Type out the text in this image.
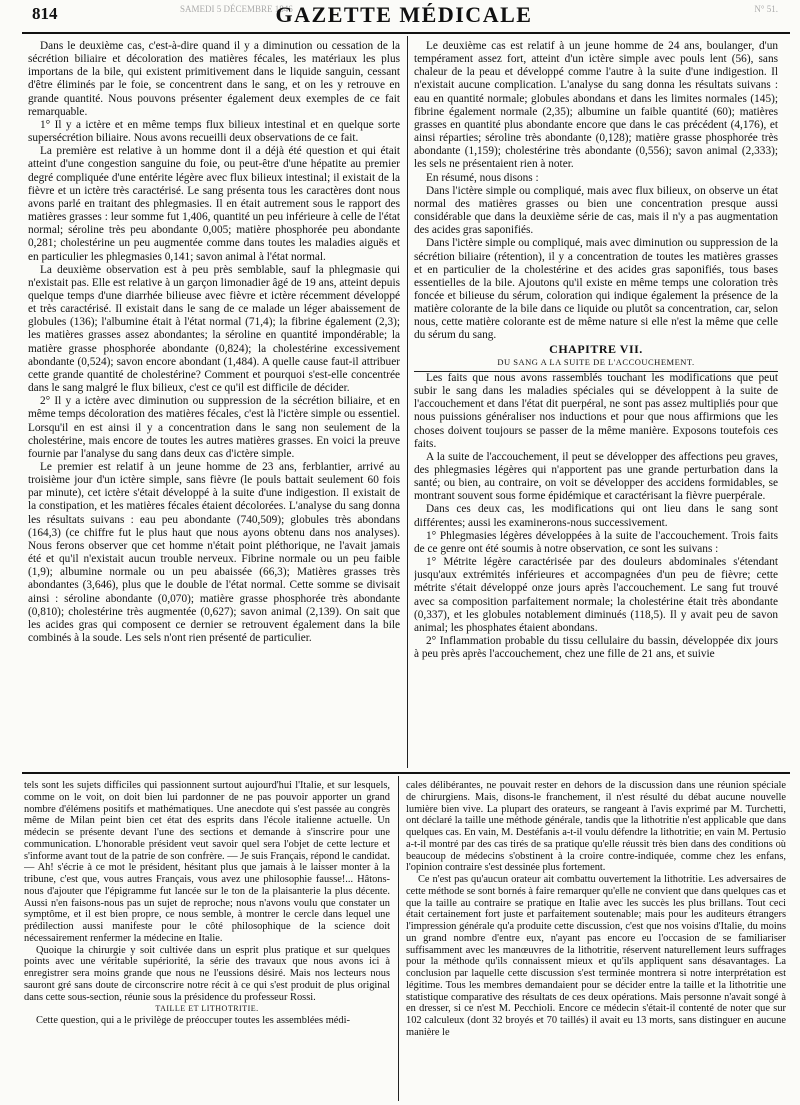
814	SAMEDI 5 DÉCEMBRE 1846
GAZETTE MÉDICALE	N° 51.

Dans le deuxième cas, c'est-à-dire quand il y a diminution ou cessation de la sécrétion biliaire et décoloration des matières fécales, les matériaux les plus importans de la bile, qui existent primitivement dans le liquide sanguin, cessant d'être éliminés par le foie, se concentrent dans le sang, et on les y retrouve en grande quantité. Nous pouvons présenter également deux exemples de ce fait remarquable.

1° Il y a ictère et en même temps flux bilieux intestinal et en quelque sorte supersécrétion biliaire. Nous avons recueilli deux observations de ce fait.

La première est relative à un homme dont il a déjà été question et qui était atteint d'une congestion sanguine du foie, ou peut-être d'une hépatite au premier degré compliquée d'une entérite légère avec flux bilieux intestinal; il existait de la fièvre et un ictère très caractérisé. Le sang présenta tous les caractères dont nous avons parlé en traitant des phlegmasies. Il en était autrement sous le rapport des matières grasses : leur somme fut 1,406, quantité un peu inférieure à celle de l'état normal; séroline très peu abondante 0,005; matière phosphorée peu abondante 0,281; cholestérine un peu augmentée comme dans toutes les maladies aiguës et en particulier les phlegmasies 0,141; savon animal à l'état normal.

La deuxième observation est à peu près semblable, sauf la phlegmasie qui n'existait pas. Elle est relative à un garçon limonadier âgé de 19 ans, atteint depuis quelque temps d'une diarrhée bilieuse avec fièvre et ictère récemment développé et très caractérisé. Il existait dans le sang de ce malade un léger abaissement de globules (136); l'albumine était à l'état normal (71,4); la fibrine également (2,3); les matières grasses assez abondantes; la séroline en quantité impondérable; la matière grasse phosphorée abondante (0,824); la cholestérine excessivement abondante (0,524); savon encore abondant (1,484). A quelle cause faut-il attribuer cette grande quantité de cholestérine? Comment et pourquoi s'est-elle concentrée dans le sang malgré le flux bilieux, c'est ce qu'il est difficile de décider.

2° Il y a ictère avec diminution ou suppression de la sécrétion biliaire, et en même temps décoloration des matières fécales, c'est là l'ictère simple ou essentiel. Lorsqu'il en est ainsi il y a concentration dans le sang non seulement de la cholestérine, mais encore de toutes les autres matières grasses. En voici la preuve fournie par l'analyse du sang dans deux cas d'ictère simple.

Le premier est relatif à un jeune homme de 23 ans, ferblantier, arrivé au troisième jour d'un ictère simple, sans fièvre (le pouls battait seulement 60 fois par minute), cet ictère s'était développé à la suite d'une indigestion. Il existait de la constipation, et les matières fécales étaient décolorées. L'analyse du sang donna les résultats suivans : eau peu abondante (740,509); globules très abondans (164,3) (ce chiffre fut le plus haut que nous ayons obtenu dans nos analyses). Nous ferons observer que cet homme n'était point pléthorique, ne l'avait jamais été et qu'il n'existait aucun trouble nerveux. Fibrine normale ou un peu faible (1,9); albumine normale ou un peu abaissée (66,3); Matières grasses très abondantes (3,646), plus que le double de l'état normal. Cette somme se divisait ainsi : séroline abondante (0,070); matière grasse phosphorée très abondante (0,810); cholestérine très augmentée (0,627); savon animal (2,139). On sait que les acides gras qui composent ce dernier se retrouvent également dans la bile combinés à la soude. Les sels n'ont rien présenté de particulier.

Le deuxième cas est relatif à un jeune homme de 24 ans, boulanger, d'un tempérament assez fort, atteint d'un ictère simple avec pouls lent (56), sans chaleur de la peau et développé comme l'autre à la suite d'une indigestion. Il n'existait aucune complication. L'analyse du sang donna les résultats suivans : eau en quantité normale; globules abondans et dans les limites normales (145); fibrine également normale (2,35); albumine un faible quantité (60); matières grasses en quantité plus abondante encore que dans le cas précédent (4,176), et ainsi réparties; séroline très abondante (0,128); matière grasse phosphorée très abondante (1,159); cholestérine très abondante (0,556); savon animal (2,333); les sels ne présentaient rien à noter.

En résumé, nous disons :

Dans l'ictère simple ou compliqué, mais avec flux bilieux, on observe un état normal des matières grasses ou bien une concentration presque aussi considérable que dans la deuxième série de cas, mais il n'y a pas augmentation des acides gras saponifiés.

Dans l'ictère simple ou compliqué, mais avec diminution ou suppression de la sécrétion biliaire (rétention), il y a concentration de toutes les matières grasses et en particulier de la cholestérine et des acides gras saponifiés, tous bases essentielles de la bile. Ajoutons qu'il existe en même temps une coloration très foncée et bilieuse du sérum, coloration qui indique également la présence de la matière colorante de la bile dans ce liquide ou plutôt sa concentration, car, selon nous, cette matière colorante est de même nature si elle n'est la même que celle du sérum du sang.

CHAPITRE VII.

DU SANG A LA SUITE DE L'ACCOUCHEMENT.

Les faits que nous avons rassemblés touchant les modifications que peut subir le sang dans les maladies spéciales qui se développent à la suite de l'accouchement et dans l'état dit puerpéral, ne sont pas assez multipliés pour que nous puissions généraliser nos inductions et pour que nous affirmions que les choses doivent toujours se passer de la même manière. Exposons toutefois ces faits.

A la suite de l'accouchement, il peut se développer des affections peu graves, des phlegmasies légères qui n'apportent pas une grande perturbation dans la santé; ou bien, au contraire, on voit se développer des accidens formidables, se montrant souvent sous forme épidémique et caractérisant la fièvre puerpérale.

Dans ces deux cas, les modifications qui ont lieu dans le sang sont différentes; aussi les examinerons-nous successivement.

1° Phlegmasies légères développées à la suite de l'accouchement. Trois faits de ce genre ont été soumis à notre observation, ce sont les suivans :

1° Métrite légère caractérisée par des douleurs abdominales s'étendant jusqu'aux extrémités inférieures et accompagnées d'un peu de fièvre; cette métrite s'était développé onze jours après l'accouchement. Le sang fut trouvé avec sa composition parfaitement normale; la cholestérine était très abondante (0,337), et les globules notablement diminués (118,5). Il y avait peu de savon animal; les phosphates étaient abondans.

2° Inflammation probable du tissu cellulaire du bassin, développée dix jours à peu près après l'accouchement, chez une fille de 21 ans, et suivie

tels sont les sujets difficiles qui passionnent surtout aujourd'hui l'Italie, et sur lesquels, comme on le voit, on doit bien lui pardonner de ne pas pouvoir apporter un grand nombre d'élémens positifs et mathématiques. Une anecdote qui s'est passée au congrès même de Milan peint bien cet état des esprits dans l'école italienne actuelle. Un médecin se présente devant l'une des sections et demande à s'inscrire pour une communication. L'honorable président veut savoir quel sera l'objet de cette lecture et s'informe avant tout de la patrie de son confrère. — Je suis Français, répond le candidat. — Ah! s'écrie à ce mot le président, hésitant plus que jamais à le laisser monter à la tribune, c'est que, vous autres Français, vous avez une philosophie fausse!... Hâtons-nous d'ajouter que l'épigramme fut lancée sur le ton de la plaisanterie la plus décente. Aussi n'en faisons-nous pas un sujet de reproche; nous n'avons voulu que constater un symptôme, et il est bien propre, ce nous semble, à montrer le cercle dans lequel une prédilection aussi manifeste pour le côté philosophique de la science doit nécessairement renfermer la médecine en Italie.

Quoique la chirurgie y soit cultivée dans un esprit plus pratique et sur quelques points avec une véritable supériorité, la série des travaux que nous avons ici à enregistrer sera moins grande que nous ne l'eussions désiré. Mais nos lecteurs nous sauront gré sans doute de circonscrire notre récit à ce qui s'est produit de plus original dans cette sous-section, réunie sous la présidence du professeur Rossi.

TAILLE ET LITHOTRITIE.

Cette question, qui a le privilège de préoccuper toutes les assemblées médi-

cales délibérantes, ne pouvait rester en dehors de la discussion dans une réunion spéciale de chirurgiens. Mais, disons-le franchement, il n'est résulté du débat aucune nouvelle lumière bien vive. La plupart des orateurs, se rangeant à l'avis exprimé par M. Turchetti, ont déclaré la taille une méthode générale, tandis que la lithotritie n'est applicable que dans quelques cas. En vain, M. Destéfanis a-t-il voulu défendre la lithotritie; en vain M. Pertusio a-t-il montré par des cas tirés de sa pratique qu'elle réussit très bien dans des conditions où beaucoup de médecins s'obstinent à la croire contre-indiquée, comme chez les enfans, l'opinion contraire s'est dessinée plus fortement.

Ce n'est pas qu'aucun orateur ait combattu ouvertement la lithotritie. Les adversaires de cette méthode se sont bornés à faire remarquer qu'elle ne convient que dans quelques cas et que la taille au contraire se pratique en Italie avec les succès les plus brillans. Tout ceci était certainement fort juste et parfaitement soutenable; mais pour les auditeurs étrangers l'impression générale qu'a produite cette discussion, c'est que nos voisins d'Italie, du moins un grand nombre d'entre eux, n'ayant pas encore eu l'occasion de se familiariser suffisamment avec les manœuvres de la lithotritie, réservent naturellement leurs suffrages pour la méthode qu'ils connaissent mieux et qu'ils appliquent sans désavantages. La conclusion par laquelle cette discussion s'est terminée montrera si notre interprétation est légitime. Tous les membres demandaient pour se décider entre la taille et la lithotritie une statistique comparative des résultats de ces deux opérations. Mais personne n'avait songé à en dresser, si ce n'est M. Pecchioli. Encore ce médecin s'était-il contenté de noter que sur 102 calculeux (dont 32 broyés et 70 taillés) il avait eu 13 morts, sans distinguer en aucune manière le
